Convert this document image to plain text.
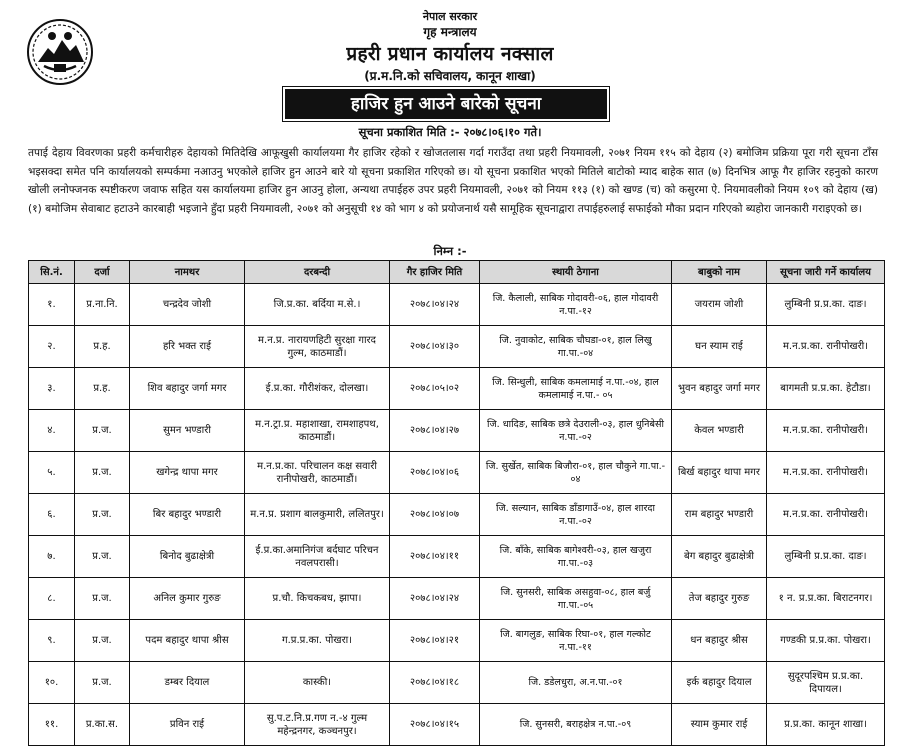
नेपाल सरकार
गृह मन्त्रालय
प्रहरी प्रधान कार्यालय नक्साल
(प्र.म.नि.को सचिवालय, कानून शाखा)
हाजिर हुन आउने बारेको सूचना
सूचना प्रकाशित मिति :- २०७८।०६।१० गते।
तपाई देहाय विवरणका प्रहरी कर्मचारीहरु देहायको मितिदेखि आफूखुसी कार्यालयमा गैर हाजिर रहेको र खोजतलास गर्दा गराउँदा तथा प्रहरी नियमावली, २०७१ नियम ११५ को देहाय (२) बमोजिम प्रक्रिया पूरा गरी सूचना टाँस भइसक्दा समेत पनि कार्यालयको सम्पर्कमा नआउनु भएकोले हाजिर हुन आउने बारे यो सूचना प्रकाशित गरिएको छ। यो सूचना प्रकाशित भएको मितिले बाटोको म्याद बाहेक सात (७) दिनभित्र आफू गैर हाजिर रहनुको कारण खोली लनोफ्जनक स्पष्टीकरण जवाफ सहित यस कार्यालयमा हाजिर हुन आउनु होला, अन्यथा तपाईहरु उपर प्रहरी नियमावली, २०७१ को नियम ११३ (१) को खण्ड (च) को कसुरमा ऐ. नियमावलीको नियम १०९ को देहाय (ख) (१) बमोजिम सेवाबाट हटाउने कारबाही भइजाने हुँदा प्रहरी नियमावली, २०७१ को अनुसूची १४ को भाग ४ को प्रयोजनार्थ यसै सामूहिक सूचनाद्वारा तपाईहरुलाई सफाईको मौका प्रदान गरिएको ब्यहोरा जानकारी गराइएको छ।
निम्न :-
सि.नं.	दर्जा	नामथर	दरबन्दी	गैर हाजिर मिति	स्थायी ठेगाना	बाबुको नाम	सूचना जारी गर्ने कार्यालय
१.	प्र.ना.नि.	चन्द्रदेव जोशी	जि.प्र.का. बर्दिया म.से.।	२०७८।०४।२४	जि. कैलाली, साबिक गोदावरी-०६, हाल गोदावरी न.पा.-१२	जयराम जोशी	लुम्बिनी प्र.प्र.का. दाङ।
२.	प्र.ह.	हरि भक्त राई	म.न.प्र. नारायणहिटी सुरक्षा गारद गुल्म, काठमाडौं।	२०७८।०४।३०	जि. नुवाकोट, साबिक चौघडा-०१, हाल लिखु गा.पा.-०४	घन स्याम राई	म.न.प्र.का. रानीपोखरी।
३.	प्र.ह.	शिव बहादुर जर्गा मगर	ई.प्र.का. गौरीशंकर, दोलखा।	२०७८।०५।०२	जि. सिन्धुली, साबिक कमलामाई न.पा.-०४, हाल कमलामाई न.पा.- ०५	भुवन बहादुर जर्गा मगर	बागमती प्र.प्र.का. हेटौडा।
४.	प्र.ज.	सुमन भण्डारी	म.न.ट्रा.प्र. महाशाखा, रामशाहपथ, काठमाडौं।	२०७८।०४।२७	जि. धादिङ, साबिक छत्रे देउराली-०३, हाल धुनिबेसी न.पा.-०२	केवल भण्डारी	म.न.प्र.का. रानीपोखरी।
५.	प्र.ज.	खगेन्द्र थापा मगर	म.न.प्र.का. परिचालन कक्ष सवारी रानीपोखरी, काठमाडौं।	२०७८।०४।०६	जि. सुर्खेत, साबिक बिजौरा-०१, हाल चौकुने गा.पा.- ०४	बिर्ख बहादुर थापा मगर	म.न.प्र.का. रानीपोखरी।
६.	प्र.ज.	बिर बहादुर भण्डारी	म.न.प्र. प्रशाग बालकुमारी, ललितपुर।	२०७८।०४।०७	जि. सल्यान, साबिक डाँडागाउँ-०४, हाल शारदा न.पा.-०२	राम बहादुर भण्डारी	म.न.प्र.का. रानीपोखरी।
७.	प्र.ज.	बिनोद बुढाक्षेत्री	ई.प्र.का.अमानिगंज बर्दघाट परिचन नवलपरासी।	२०७८।०४।११	जि. बाँके, साबिक बागेश्वरी-०३, हाल खजुरा गा.पा.-०३	बेग बहादुर बुढाक्षेत्री	लुम्बिनी प्र.प्र.का. दाङ।
८.	प्र.ज.	अनिल कुमार गुरुङ	प्र.चौ. किचकबध, झापा।	२०७८।०४।२४	जि. सुनसरी, साबिक असहुवा-०८, हाल बर्जु गा.पा.-०५	तेज बहादुर गुरुङ	१ न. प्र.प्र.का. बिराटनगर।
९.	प्र.ज.	पदम बहादुर थापा श्रीस	ग.प्र.प्र.का. पोखरा।	२०७८।०४।२१	जि. बागलुङ, साबिक रिघा-०१, हाल गल्कोट न.पा.-११	धन बहादुर श्रीस	गण्डकी प्र.प्र.का. पोखरा।
१०.	प्र.ज.	डम्बर दियाल	कास्की।	२०७८।०४।१८	जि. डडेलधुरा, अ.न.पा.-०१	इर्क बहादुर दियाल	सुदूरपश्चिम प्र.प्र.का. दिपायल।
११.	प्र.का.स.	प्रविन राई	सु.प.ट.नि.प्र.गण न.-४ गुल्म महेन्द्रनगर, कञ्चनपुर।	२०७८।०४।१५	जि. सुनसरी, बराहक्षेत्र न.पा.-०९	स्याम कुमार राई	प्र.प्र.का. कानून शाखा।
